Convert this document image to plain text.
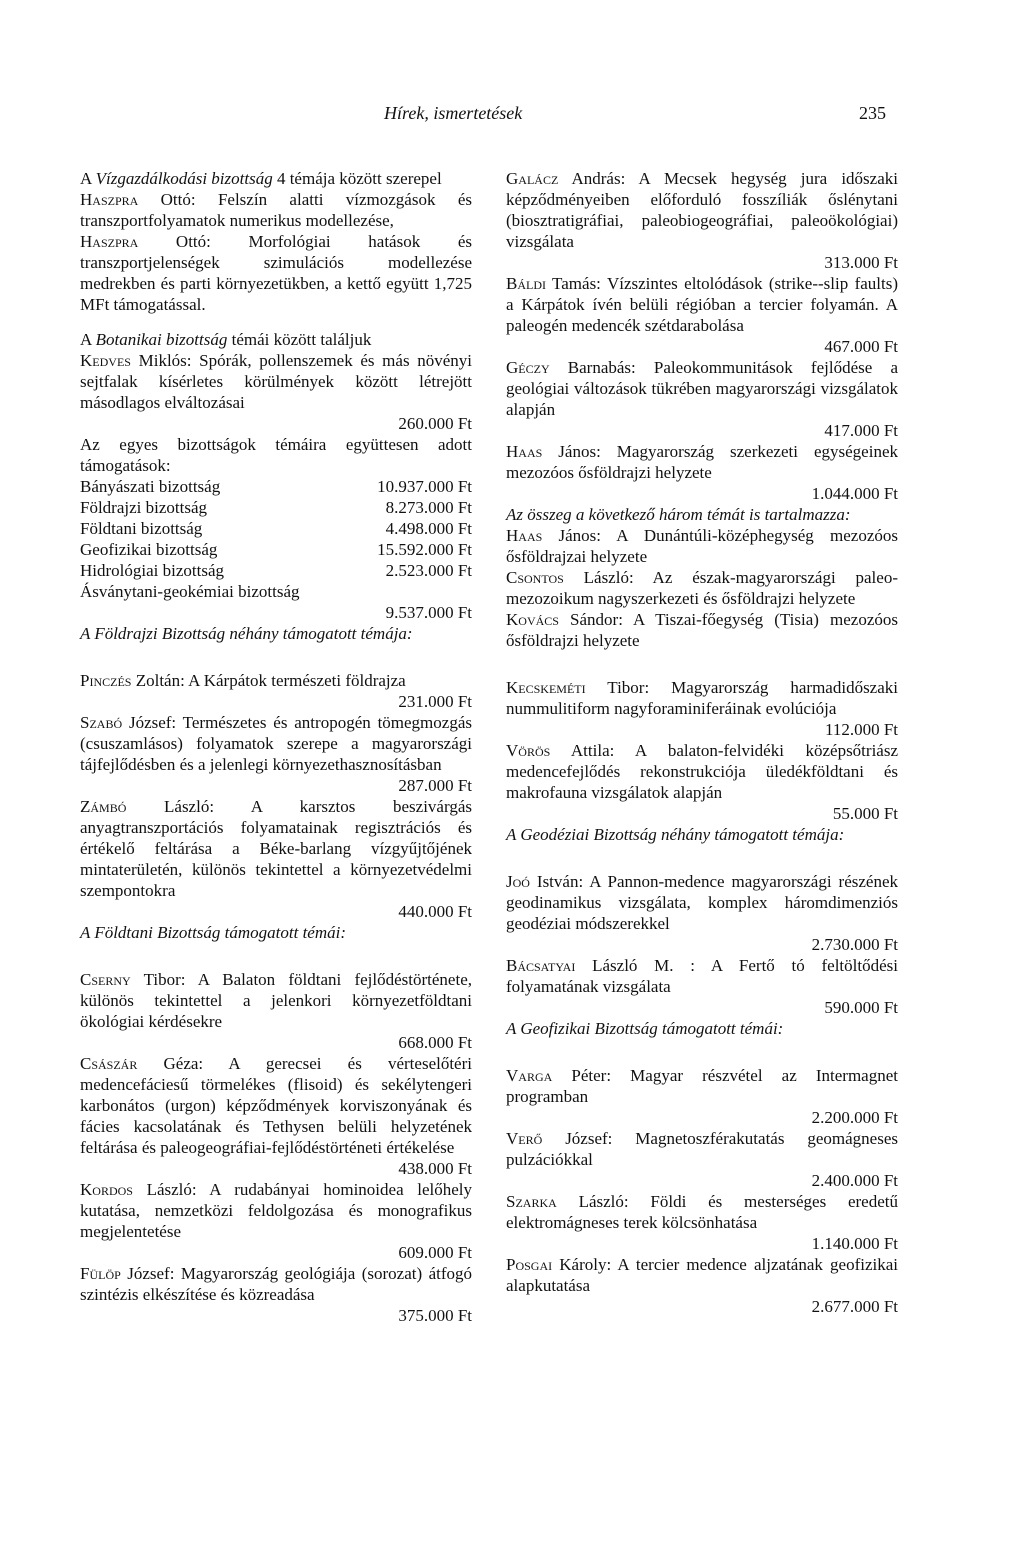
Hírek, ismertetések	235

A Vízgazdálkodási bizottság 4 témája között szerepel

Haszpra Ottó: Felszín alatti vízmozgások és transzportfolyamatok numerikus modellezése,

Haszpra Ottó: Morfológiai hatások és transzportjelenségek szimulációs modellezése medrekben és parti környezetükben, a kettő együtt 1,725 MFt támogatással.

A Botanikai bizottság témái között találjuk

Kedves Miklós: Spórák, pollenszemek és más növényi sejtfalak kísérletes körülmények között létrejött másodlagos elváltozásai

260.000 Ft

Az egyes bizottságok témáira együttesen adott támogatások:

Bányászati bizottság	10.937.000 Ft
Földrajzi bizottság	8.273.000 Ft
Földtani bizottság	4.498.000 Ft
Geofizikai bizottság	15.592.000 Ft
Hidrológiai bizottság	2.523.000 Ft

Ásványtani-geokémiai bizottság

9.537.000 Ft

A Földrajzi Bizottság néhány támogatott témája:

Pinczés Zoltán: A Kárpátok természeti földrajza

231.000 Ft

Szabó József: Természetes és antropogén tömegmozgás (csuszamlásos) folyamatok szerepe a magyarországi tájfejlődésben és a jelenlegi környezethasznosításban

287.000 Ft

Zámbó László: A karsztos beszivárgás anyagtranszportációs folyamatainak regisztrációs és értékelő feltárása a Béke-barlang vízgyűjtőjének mintaterületén, különös tekintettel a környezetvédelmi szempontokra

440.000 Ft

A Földtani Bizottság támogatott témái:

Cserny Tibor: A Balaton földtani fejlődéstörténete, különös tekintettel a jelenkori környezetföldtani ökológiai kérdésekre

668.000 Ft

Császár Géza: A gerecsei és vérteselőtéri medencefáciesű törmelékes (flisoid) és sekélytengeri karbonátos (urgon) képződmények korviszonyának és fácies kacsolatának és Tethysen belüli helyzetének feltárása és paleogeográfiai-fejlődéstörténeti értékelése

438.000 Ft

Kordos László: A rudabányai hominoidea lelőhely kutatása, nemzetközi feldolgozása és monografikus megjelentetése

609.000 Ft

Fülöp József: Magyarország geológiája (sorozat) átfogó szintézis elkészítése és közreadása

375.000 Ft

Galácz András: A Mecsek hegység jura időszaki képződményeiben előforduló fosszíliák őslénytani (biosztratigráfiai, paleobiogeográfiai, paleoökológiai) vizsgálata

313.000 Ft

Báldi Tamás: Vízszintes eltolódások (strike--slip faults) a Kárpátok ívén belüli régióban a tercier folyamán. A paleogén medencék szétdarabolása

467.000 Ft

Géczy Barnabás: Paleokommunitások fejlődése a geológiai változások tükrében magyarországi vizsgálatok alapján

417.000 Ft

Haas János: Magyarország szerkezeti egységeinek mezozóos ősföldrajzi helyzete

1.044.000 Ft

Az összeg a következő három témát is tartalmazza:

Haas János: A Dunántúli-középhegység mezozóos ősföldrajzai helyzete

Csontos László: Az észak-magyarországi paleo-mezozoikum nagyszerkezeti és ősföldrajzi helyzete

Kovács Sándor: A Tiszai-főegység (Tisia) mezozóos ősföldrajzi helyzete

Kecskeméti Tibor: Magyarország harmadidőszaki nummulitiform nagyforaminiferáinak evolúciója

112.000 Ft

Vörös Attila: A balaton-felvidéki középsőtriász medencefejlődés rekonstrukciója üledékföldtani és makrofauna vizsgálatok alapján

55.000 Ft

A Geodéziai Bizottság néhány támogatott témája:

Joó István: A Pannon-medence magyarországi részének geodinamikus vizsgálata, komplex háromdimenziós geodéziai módszerekkel

2.730.000 Ft

Bácsatyai László M. : A Fertő tó feltöltődési folyamatának vizsgálata

590.000 Ft

A Geofizikai Bizottság támogatott témái:

Varga Péter: Magyar részvétel az Intermagnet programban

2.200.000 Ft

Verő József: Magnetoszférakutatás geomágneses pulzációkkal

2.400.000 Ft

Szarka László: Földi és mesterséges eredetű elektromágneses terek kölcsönhatása

1.140.000 Ft

Posgai Károly: A tercier medence aljzatának geofizikai alapkutatása

2.677.000 Ft
